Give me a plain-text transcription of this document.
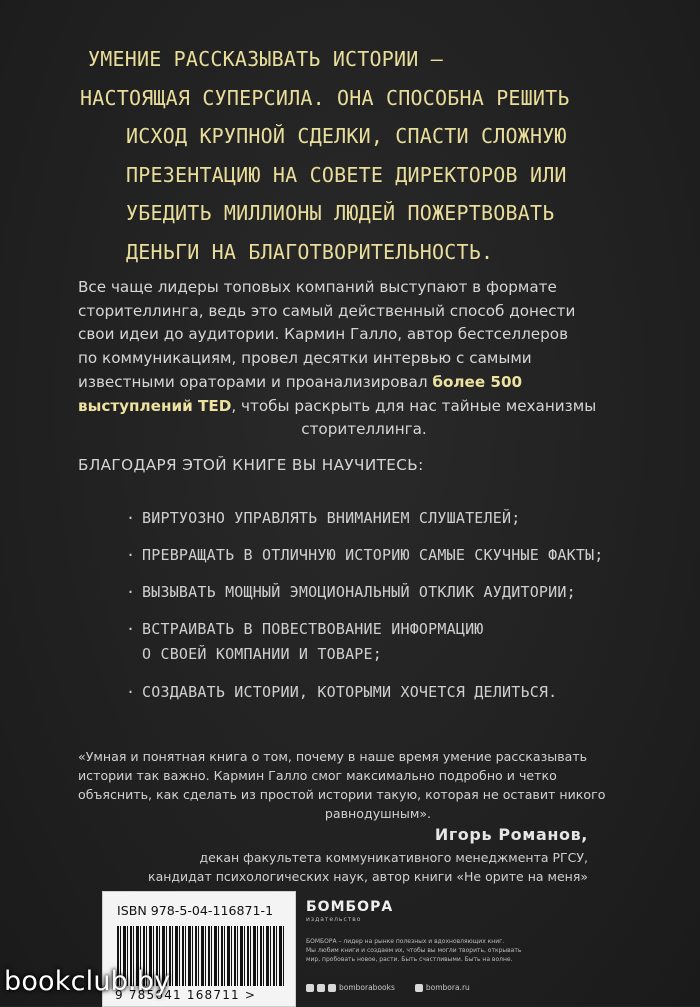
УМЕНИЕ РАССКАЗЫВАТЬ ИСТОРИИ –
НАСТОЯЩАЯ СУПЕРСИЛА. ОНА СПОСОБНА РЕШИТЬ
ИСХОД КРУПНОЙ СДЕЛКИ, СПАСТИ СЛОЖНУЮ
ПРЕЗЕНТАЦИЮ НА СОВЕТЕ ДИРЕКТОРОВ ИЛИ
УБЕДИТЬ МИЛЛИОНЫ ЛЮДЕЙ ПОЖЕРТВОВАТЬ
ДЕНЬГИ НА БЛАГОТВОРИТЕЛЬНОСТЬ.
Все чаще лидеры топовых компаний выступают в формате
сторителлинга, ведь это самый действенный способ донести
свои идеи до аудитории. Кармин Галло, автор бестселлеров
по коммуникациям, провел десятки интервью с самыми
известными ораторами и проанализировал более 500
выступлений TED, чтобы раскрыть для нас тайные механизмы
сторителлинга.
БЛАГОДАРЯ ЭТОЙ КНИГЕ ВЫ НАУЧИТЕСЬ:
· ВИРТУОЗНО УПРАВЛЯТЬ ВНИМАНИЕМ СЛУШАТЕЛЕЙ;
· ПРЕВРАЩАТЬ В ОТЛИЧНУЮ ИСТОРИЮ САМЫЕ СКУЧНЫЕ ФАКТЫ;
· ВЫЗЫВАТЬ МОЩНЫЙ ЭМОЦИОНАЛЬНЫЙ ОТКЛИК АУДИТОРИИ;
· ВСТРАИВАТЬ В ПОВЕСТВОВАНИЕ ИНФОРМАЦИЮ
О СВОЕЙ КОМПАНИИ И ТОВАРЕ;
· СОЗДАВАТЬ ИСТОРИИ, КОТОРЫМИ ХОЧЕТСЯ ДЕЛИТЬСЯ.
«Умная и понятная книга о том, почему в наше время умение рассказывать
истории так важно. Кармин Галло смог максимально подробно и четко
объяснить, как сделать из простой истории такую, которая не оставит никого
равнодушным».
Игорь Романов,
декан факультета коммуникативного менеджмента РГСУ,
кандидат психологических наук, автор книги «Не орите на меня»
ISBN 978-5-04-116871-1
9 785041 168711 >
bookclub.by
БОМБОРА
издательство
БОМБОРА – лидер на рынке полезных и вдохновляющих книг.
Мы любим книги и создаем их, чтобы вы могли творить, открывать
мир, пробовать новое, расти. Быть счастливыми. Быть на волне.
bomborabooks	bombora.ru
